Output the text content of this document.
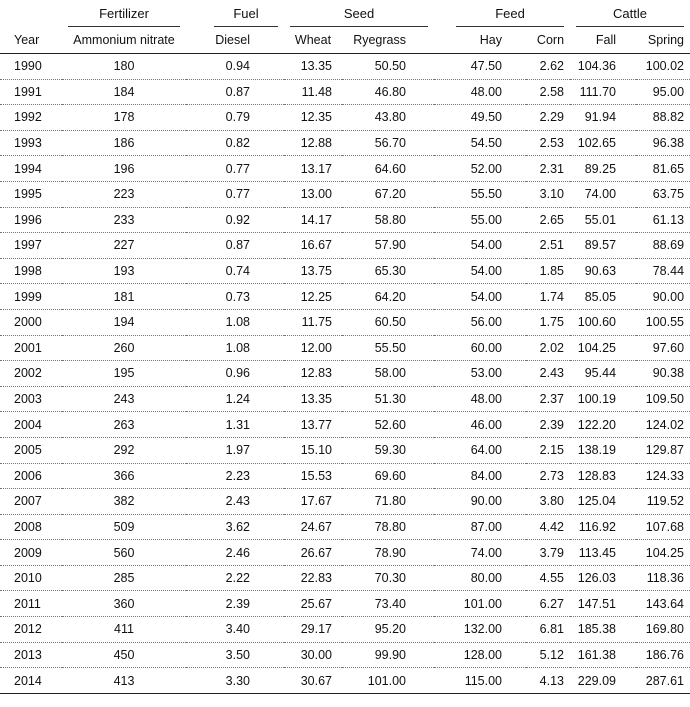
	Fertilizer	Fuel	Seed		Feed		Cattle	

Year	Ammonium nitrate	Diesel	Wheat	Ryegrass	Hay	Corn	Fall	Spring
1990	180	0.94	13.35	50.50	47.50	2.62	104.36	100.02
1991	184	0.87	11.48	46.80	48.00	2.58	111.70	95.00
1992	178	0.79	12.35	43.80	49.50	2.29	91.94	88.82
1993	186	0.82	12.88	56.70	54.50	2.53	102.65	96.38
1994	196	0.77	13.17	64.60	52.00	2.31	89.25	81.65
1995	223	0.77	13.00	67.20	55.50	3.10	74.00	63.75
1996	233	0.92	14.17	58.80	55.00	2.65	55.01	61.13
1997	227	0.87	16.67	57.90	54.00	2.51	89.57	88.69
1998	193	0.74	13.75	65.30	54.00	1.85	90.63	78.44
1999	181	0.73	12.25	64.20	54.00	1.74	85.05	90.00
2000	194	1.08	11.75	60.50	56.00	1.75	100.60	100.55
2001	260	1.08	12.00	55.50	60.00	2.02	104.25	97.60
2002	195	0.96	12.83	58.00	53.00	2.43	95.44	90.38
2003	243	1.24	13.35	51.30	48.00	2.37	100.19	109.50
2004	263	1.31	13.77	52.60	46.00	2.39	122.20	124.02
2005	292	1.97	15.10	59.30	64.00	2.15	138.19	129.87
2006	366	2.23	15.53	69.60	84.00	2.73	128.83	124.33
2007	382	2.43	17.67	71.80	90.00	3.80	125.04	119.52
2008	509	3.62	24.67	78.80	87.00	4.42	116.92	107.68
2009	560	2.46	26.67	78.90	74.00	3.79	113.45	104.25
2010	285	2.22	22.83	70.30	80.00	4.55	126.03	118.36
2011	360	2.39	25.67	73.40	101.00	6.27	147.51	143.64
2012	411	3.40	29.17	95.20	132.00	6.81	185.38	169.80
2013	450	3.50	30.00	99.90	128.00	5.12	161.38	186.76
2014	413	3.30	30.67	101.00	115.00	4.13	229.09	287.61
